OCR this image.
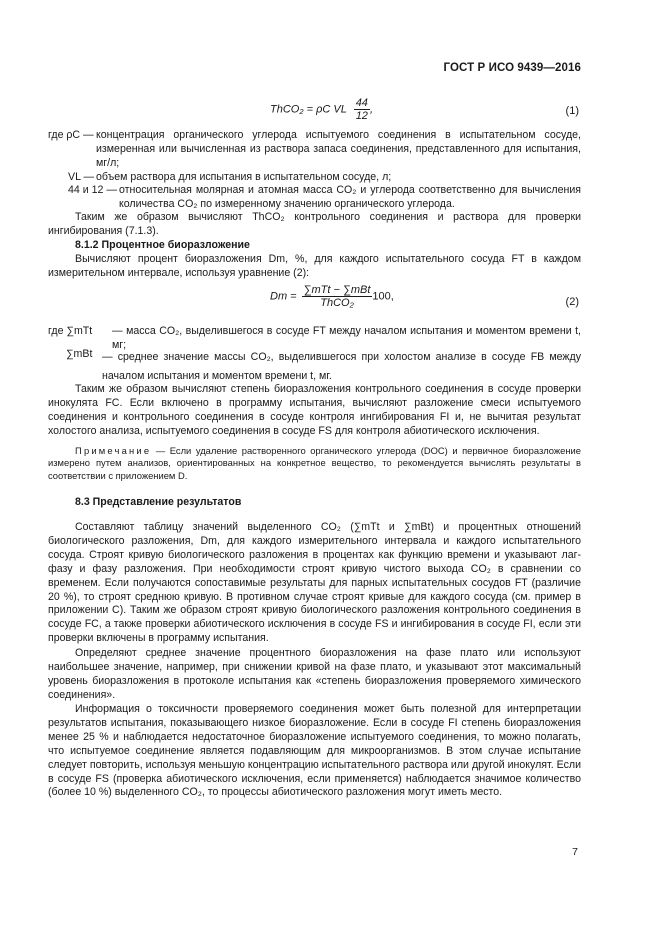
ГОСТ Р ИСО 9439—2016
ThCO₂ = ρC VL $\frac{44}{12}$ ,	(1)
где ρC — концентрация органического углерода испытуемого соединения в испытательном сосуде, измеренная или вычисленная из раствора запаса соединения, представленного для испытания, мг/л;
VL — объем раствора для испытания в испытательном сосуде, л;
44 и 12 — относительная молярная и атомная масса CO₂ и углерода соответственно для вычисления количества CO₂ по измеренному значению органического углерода.
Таким же образом вычисляют ThCO₂ контрольного соединения и раствора для проверки ингибирования (7.1.3).
8.1.2 Процентное биоразложение
Вычисляют процент биоразложения Dm, %, для каждого испытательного сосуда FT в каждом измерительном интервале, используя уравнение (2):
$Dm = \frac{\text{∑mTt − ∑mBt}}{\text{ThCO₂}} 100$,	(2)
где ∑mTt — масса CO₂, выделившегося в сосуде FT между началом испытания и моментом времени t, мг;
∑mBt — среднее значение массы CO₂, выделившегося при холостом анализе в сосуде FB между началом испытания и моментом времени t, мг.
Таким же образом вычисляют степень биоразложения контрольного соединения в сосуде проверки инокулята FC. Если включено в программу испытания, вычисляют разложение смеси испытуемого соединения и контрольного соединения в сосуде контроля ингибирования FI и, не вычитая результат холостого анализа, испытуемого соединения в сосуде FS для контроля абиотического исключения.
Примечание — Если удаление растворенного органического углерода (DOC) и первичное биоразложение измерено путем анализов, ориентированных на конкретное вещество, то рекомендуется вычислять результаты в соответствии с приложением D.
8.3 Представление результатов
Составляют таблицу значений выделенного CO₂ (∑mTt и ∑mBt) и процентных отношений биологического разложения, Dm, для каждого измерительного интервала и каждого испытательного сосуда. Строят кривую биологического разложения в процентах как функцию времени и указывают лаг-фазу и фазу разложения. При необходимости строят кривую чистого выхода CO₂ в сравнении со временем. Если получаются сопоставимые результаты для парных испытательных сосудов FT (различие 20 %), то строят среднюю кривую. В противном случае строят кривые для каждого сосуда (см. пример в приложении С). Таким же образом строят кривую биологического разложения контрольного соединения в сосуде FC, а также проверки абиотического исключения в сосуде FS и ингибирования в сосуде FI, если эти проверки включены в программу испытания.
Определяют среднее значение процентного биоразложения на фазе плато или используют наибольшее значение, например, при снижении кривой на фазе плато, и указывают этот максимальный уровень биоразложения в протоколе испытания как «степень биоразложения проверяемого химического соединения».
Информация о токсичности проверяемого соединения может быть полезной для интерпретации результатов испытания, показывающего низкое биоразложение. Если в сосуде FI степень биоразложения менее 25 % и наблюдается недостаточное биоразложение испытуемого соединения, то можно полагать, что испытуемое соединение является подавляющим для микроорганизмов. В этом случае испытание следует повторить, используя меньшую концентрацию испытательного раствора или другой инокулят. Если в сосуде FS (проверка абиотического исключения, если применяется) наблюдается значимое количество (более 10 %) выделенного CO₂, то процессы абиотического разложения могут иметь место.
7
